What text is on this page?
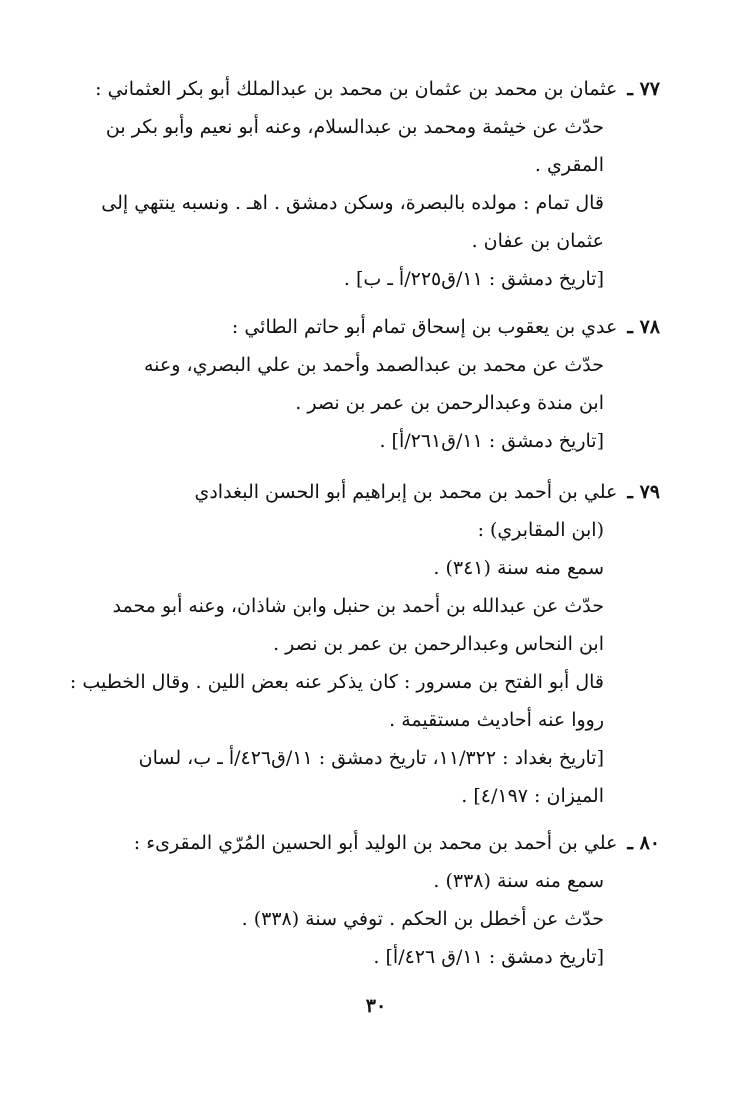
٧٧ ـ عثمان بن محمد بن عثمان بن محمد بن عبدالملك أبو بكر العثماني :
حدّث عن خيثمة ومحمد بن عبدالسلام، وعنه أبو نعيم وأبو بكر بن
المقري .
قال تمام : مولده بالبصرة، وسكن دمشق . اهـ . ونسبه ينتهي إلى
عثمان بن عفان .
[تاريخ دمشق : ١١/ق٢٢٥/أ ـ ب] .
٧٨ ـ عدي بن يعقوب بن إسحاق تمام أبو حاتم الطائي :
حدّث عن محمد بن عبدالصمد وأحمد بن علي البصري، وعنه
ابن مندة وعبدالرحمن بن عمر بن نصر .
[تاريخ دمشق : ١١/ق٢٦١/أ] .
٧٩ ـ علي بن أحمد بن محمد بن إبراهيم أبو الحسن البغدادي
(ابن المقابري) :
سمع منه سنة (٣٤١) .
حدّث عن عبدالله بن أحمد بن حنبل وابن شاذان، وعنه أبو محمد
ابن النحاس وعبدالرحمن بن عمر بن نصر .
قال أبو الفتح بن مسرور : كان يذكر عنه بعض اللين . وقال الخطيب :
رووا عنه أحاديث مستقيمة .
[تاريخ بغداد : ١١/٣٢٢، تاريخ دمشق : ١١/ق٤٢٦/أ ـ ب، لسان
الميزان : ٤/١٩٧] .
٨٠ ـ علي بن أحمد بن محمد بن الوليد أبو الحسين المُرّي المقرىء :
سمع منه سنة (٣٣٨) .
حدّث عن أخطل بن الحكم . توفي سنة (٣٣٨) .
[تاريخ دمشق : ١١/ق ٤٢٦/أ] .
٣٠
